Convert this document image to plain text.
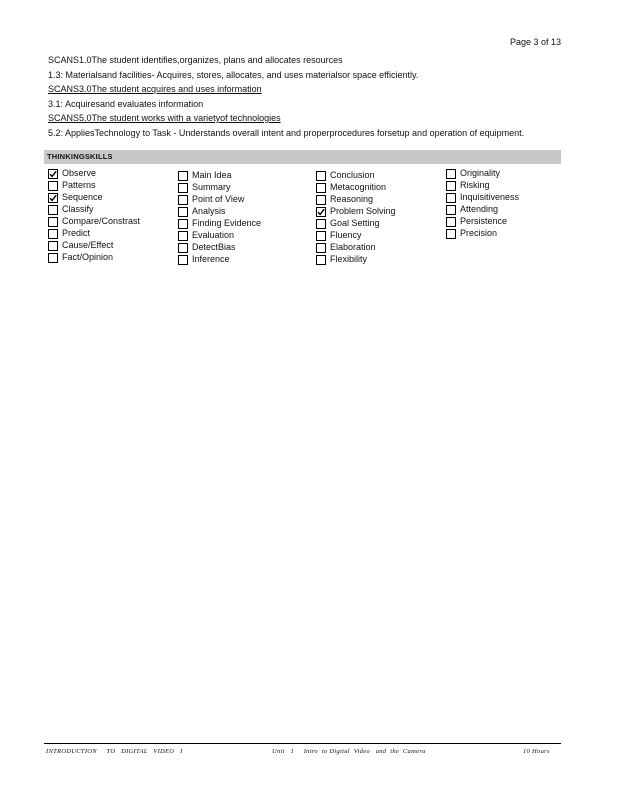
Page 3 of 13
SCANS1.0The student identifies,organizes, plans and allocates resources
1.3: Materialsand facilities- Acquires, stores, allocates, and uses materialsor space efficiently.
SCANS3.0The student acquires and uses information
3.1: Acquiresand evaluates information
SCANS5.0The student works with a varietyof technologies
5.2: AppliesTechnology to Task - Understands overall intent and properprocedures forsetup and operation of equipment.
THINKINGSKILLS
Observe
Patterns
Sequence
Classify
Compare/Constrast
Predict
Cause/Effect
Fact/Opinion
Main Idea
Summary
Point of View
Analysis
Finding Evidence
Evaluation
DetectBias
Inference
Conclusion
Metacognition
Reasoning
Problem Solving
Goal Setting
Fluency
Elaboration
Flexibility
Originality
Risking
Inquisitiveness
Attending
Persistence
Precision
INTRODUCTION     TO   DIGITAL   VIDEO   I	Unit   1     Intro  to Digital  Video   and  the  Camera	10 Hours
